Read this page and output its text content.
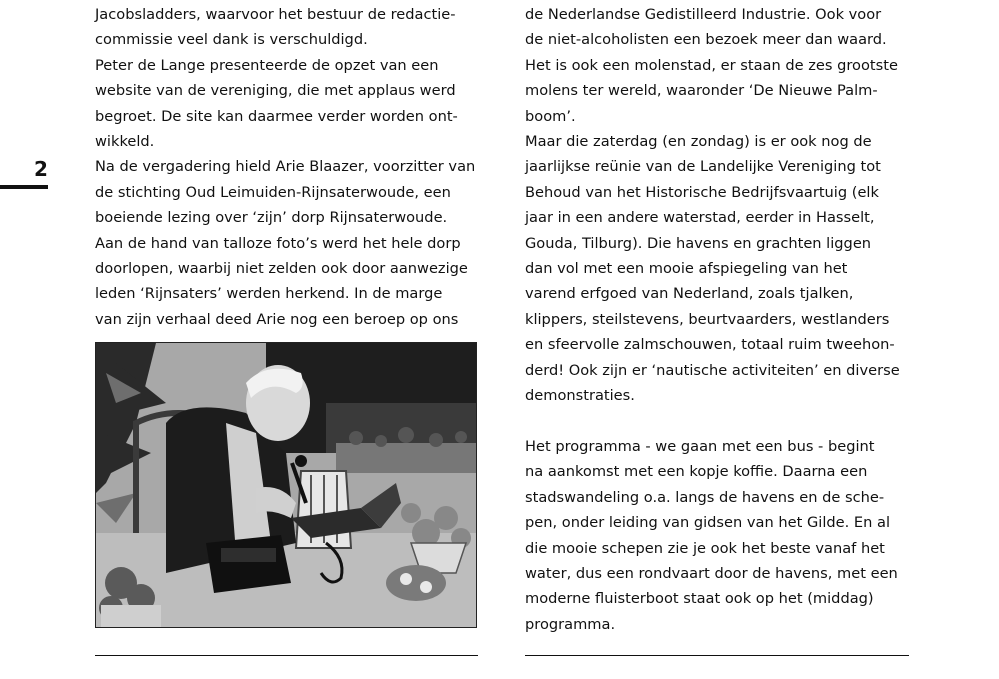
2
Jacobsladders, waarvoor het bestuur de redactie-
commissie veel dank is verschuldigd.
Peter de Lange presenteerde de opzet van een
website van de vereniging, die met applaus werd
begroet. De site kan daarmee verder worden ont-
wikkeld.
Na de vergadering hield Arie Blaazer, voorzitter van
de stichting Oud Leimuiden-Rijnsaterwoude, een
boeiende lezing over ‘zijn’ dorp Rijnsaterwoude.
Aan de hand van talloze foto’s werd het hele dorp
doorlopen, waarbij niet zelden ook door aanwezige
leden ‘Rijnsaters’ werden herkend. In de marge
van zijn verhaal deed Arie nog een beroep op ons
de Nederlandse Gedistilleerd Industrie. Ook voor
de niet-alcoholisten een bezoek meer dan waard.
Het is ook een molenstad, er staan de zes grootste
molens ter wereld, waaronder ‘De Nieuwe Palm-
boom’.
Maar die zaterdag (en zondag) is er ook nog de
jaarlijkse reünie van de Landelijke Vereniging tot
Behoud van het Historische Bedrijfsvaartuig (elk
jaar in een andere waterstad, eerder in Hasselt,
Gouda, Tilburg). Die havens en grachten liggen
dan vol met een mooie afspiegeling van het
varend erfgoed van Nederland, zoals tjalken,
klippers, steilstevens, beurtvaarders, westlanders
en sfeervolle zalmschouwen, totaal ruim tweehon-
derd! Ook zijn er ‘nautische activiteiten’ en diverse
demonstraties.
Het programma - we gaan met een bus - begint
na aankomst met een kopje koffie. Daarna een
stadswandeling o.a. langs de havens en de sche-
pen, onder leiding van gidsen van het Gilde. En al
die mooie schepen zie je ook het beste vanaf het
water, dus een rondvaart door de havens, met een
moderne fluisterboot staat ook op het (middag)
programma.
